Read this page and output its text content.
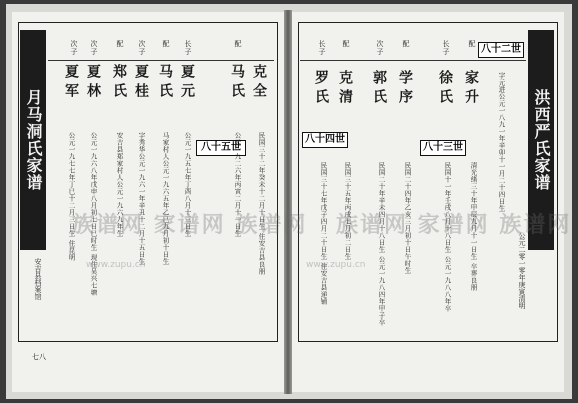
月马洞氏家谱
次子
夏军
公元一九七七年丁巳十二月三日生 住昆明
次子
夏林
公元一九六八年戊申八月初七日巳时生 现住吴兴七塘
配
郑氏
安吉县郑家村人公元一九六九年生
次子
夏桂
字秀华公元一九六一年辛丑十二月十五日生
配
马氏
马家村人公元一九六五年乙巳九月初十日生
长子
夏元
公元一九五七年丁酉八月十三日生 八十五世
配
马氏
公元一九二六年丙寅二月十一日生
克全
民国三十二年癸未十二月十日生 住安吉县良朋
安吉县档案馆
七八
洪西严氏家谱
公元二零一零年庚寅清明
八十四世
八十三世
八十二世
长子
罗氏
民国三十七年戊子四月二十日生 住安吉县递铺
配
克清
民国三十五年丙戌七月初二日生
次子
郭氏
民国二十年辛未四月十八日生 公元一九八四年甲子卒
配
学序
民国二十四年乙亥三月初十日午时生
长子
徐氏
民国十一年壬戌八月十八日生 公元一九八八年卒
配
家升
清光绪三十年甲辰九月十一日生 卒葬良朋
字元进公元一八九一年辛卯十一月二十四日生
族谱网 家谱网 族谱网 族谱网 家谱网 族谱网
www.zupu.cn	www.zupu.cn
